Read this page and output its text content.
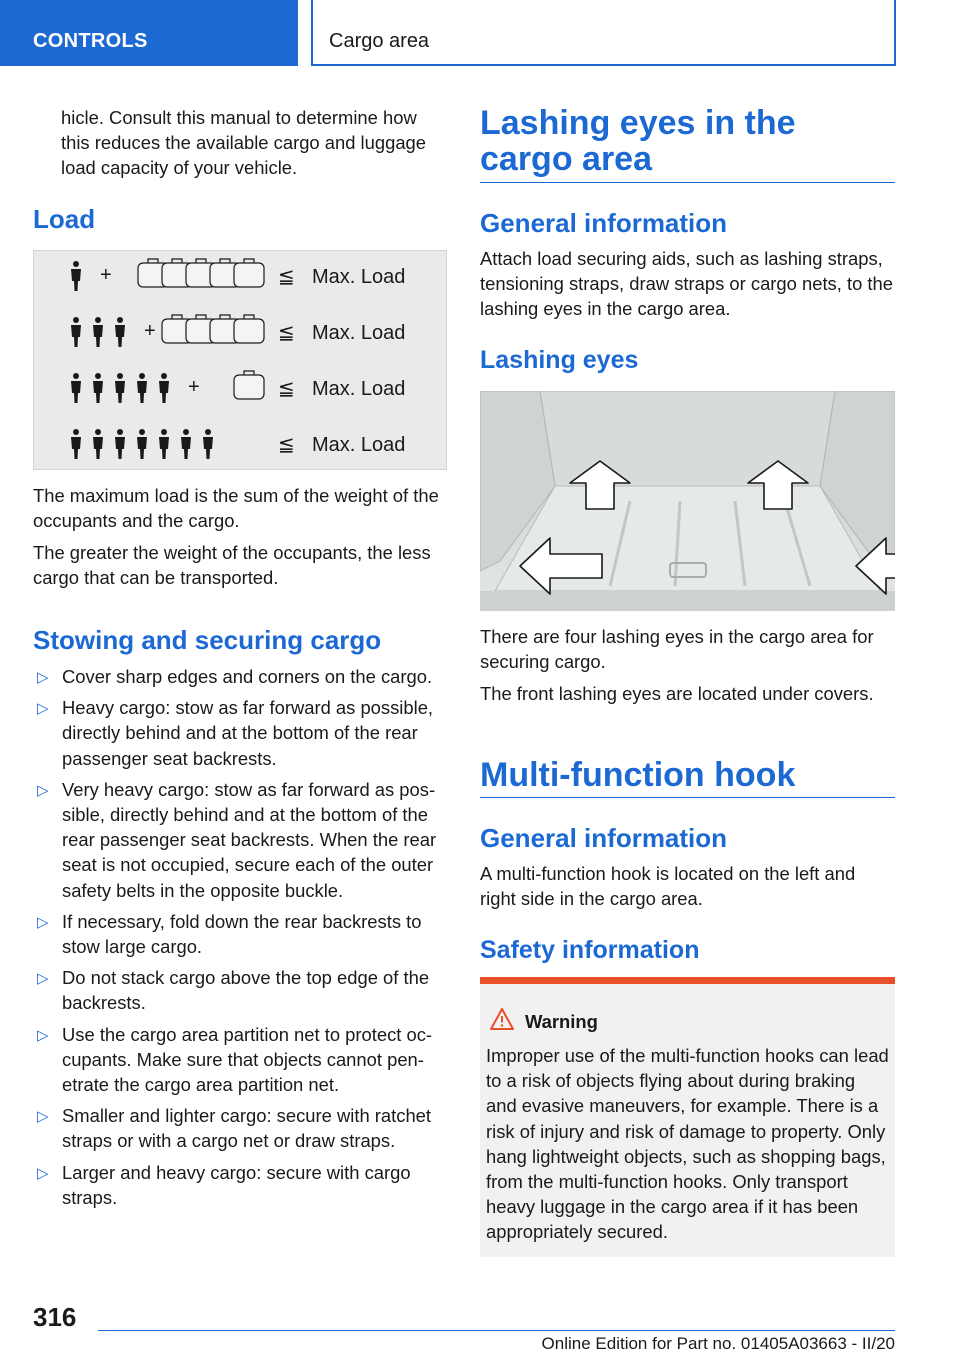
CONTROLS	Cargo area

hicle. Consult this manual to determine how this reduces the available cargo and luggage load capacity of your vehicle.

Load
+	≦ Max. Load
+	≦ Max. Load
+	≦ Max. Load
≦ Max. Load

The maximum load is the sum of the weight of the occupants and the cargo.

The greater the weight of the occupants, the less cargo that can be transported.

Stowing and securing cargo
▷ Cover sharp edges and corners on the cargo.
▷ Heavy cargo: stow as far forward as possible, directly behind and at the bottom of the rear passenger seat backrests.
▷ Very heavy cargo: stow as far forward as pos-sible, directly behind and at the bottom of the rear passenger seat backrests. When the rear seat is not occupied, secure each of the outer safety belts in the opposite buckle.
▷ If necessary, fold down the rear backrests to stow large cargo.
▷ Do not stack cargo above the top edge of the backrests.
▷ Use the cargo area partition net to protect oc-cupants. Make sure that objects cannot pen-etrate the cargo area partition net.
▷ Smaller and lighter cargo: secure with ratchet straps or with a cargo net or draw straps.
▷ Larger and heavy cargo: secure with cargo straps.
Lashing eyes in the cargo area
General information

Attach load securing aids, such as lashing straps, tensioning straps, draw straps or cargo nets, to the lashing eyes in the cargo area.

Lashing eyes

There are four lashing eyes in the cargo area for securing cargo.

The front lashing eyes are located under covers.

Multi-function hook
General information

A multi-function hook is located on the left and right side in the cargo area.

Safety information
Warning

Improper use of the multi-function hooks can lead to a risk of objects flying about during braking and evasive maneuvers, for example. There is a risk of injury and risk of damage to property. Only hang lightweight objects, such as shopping bags, from the multi-function hooks. Only transport heavy luggage in the cargo area if it has been appropriately secured.

316
Online Edition for Part no. 01405A03663 - II/20
